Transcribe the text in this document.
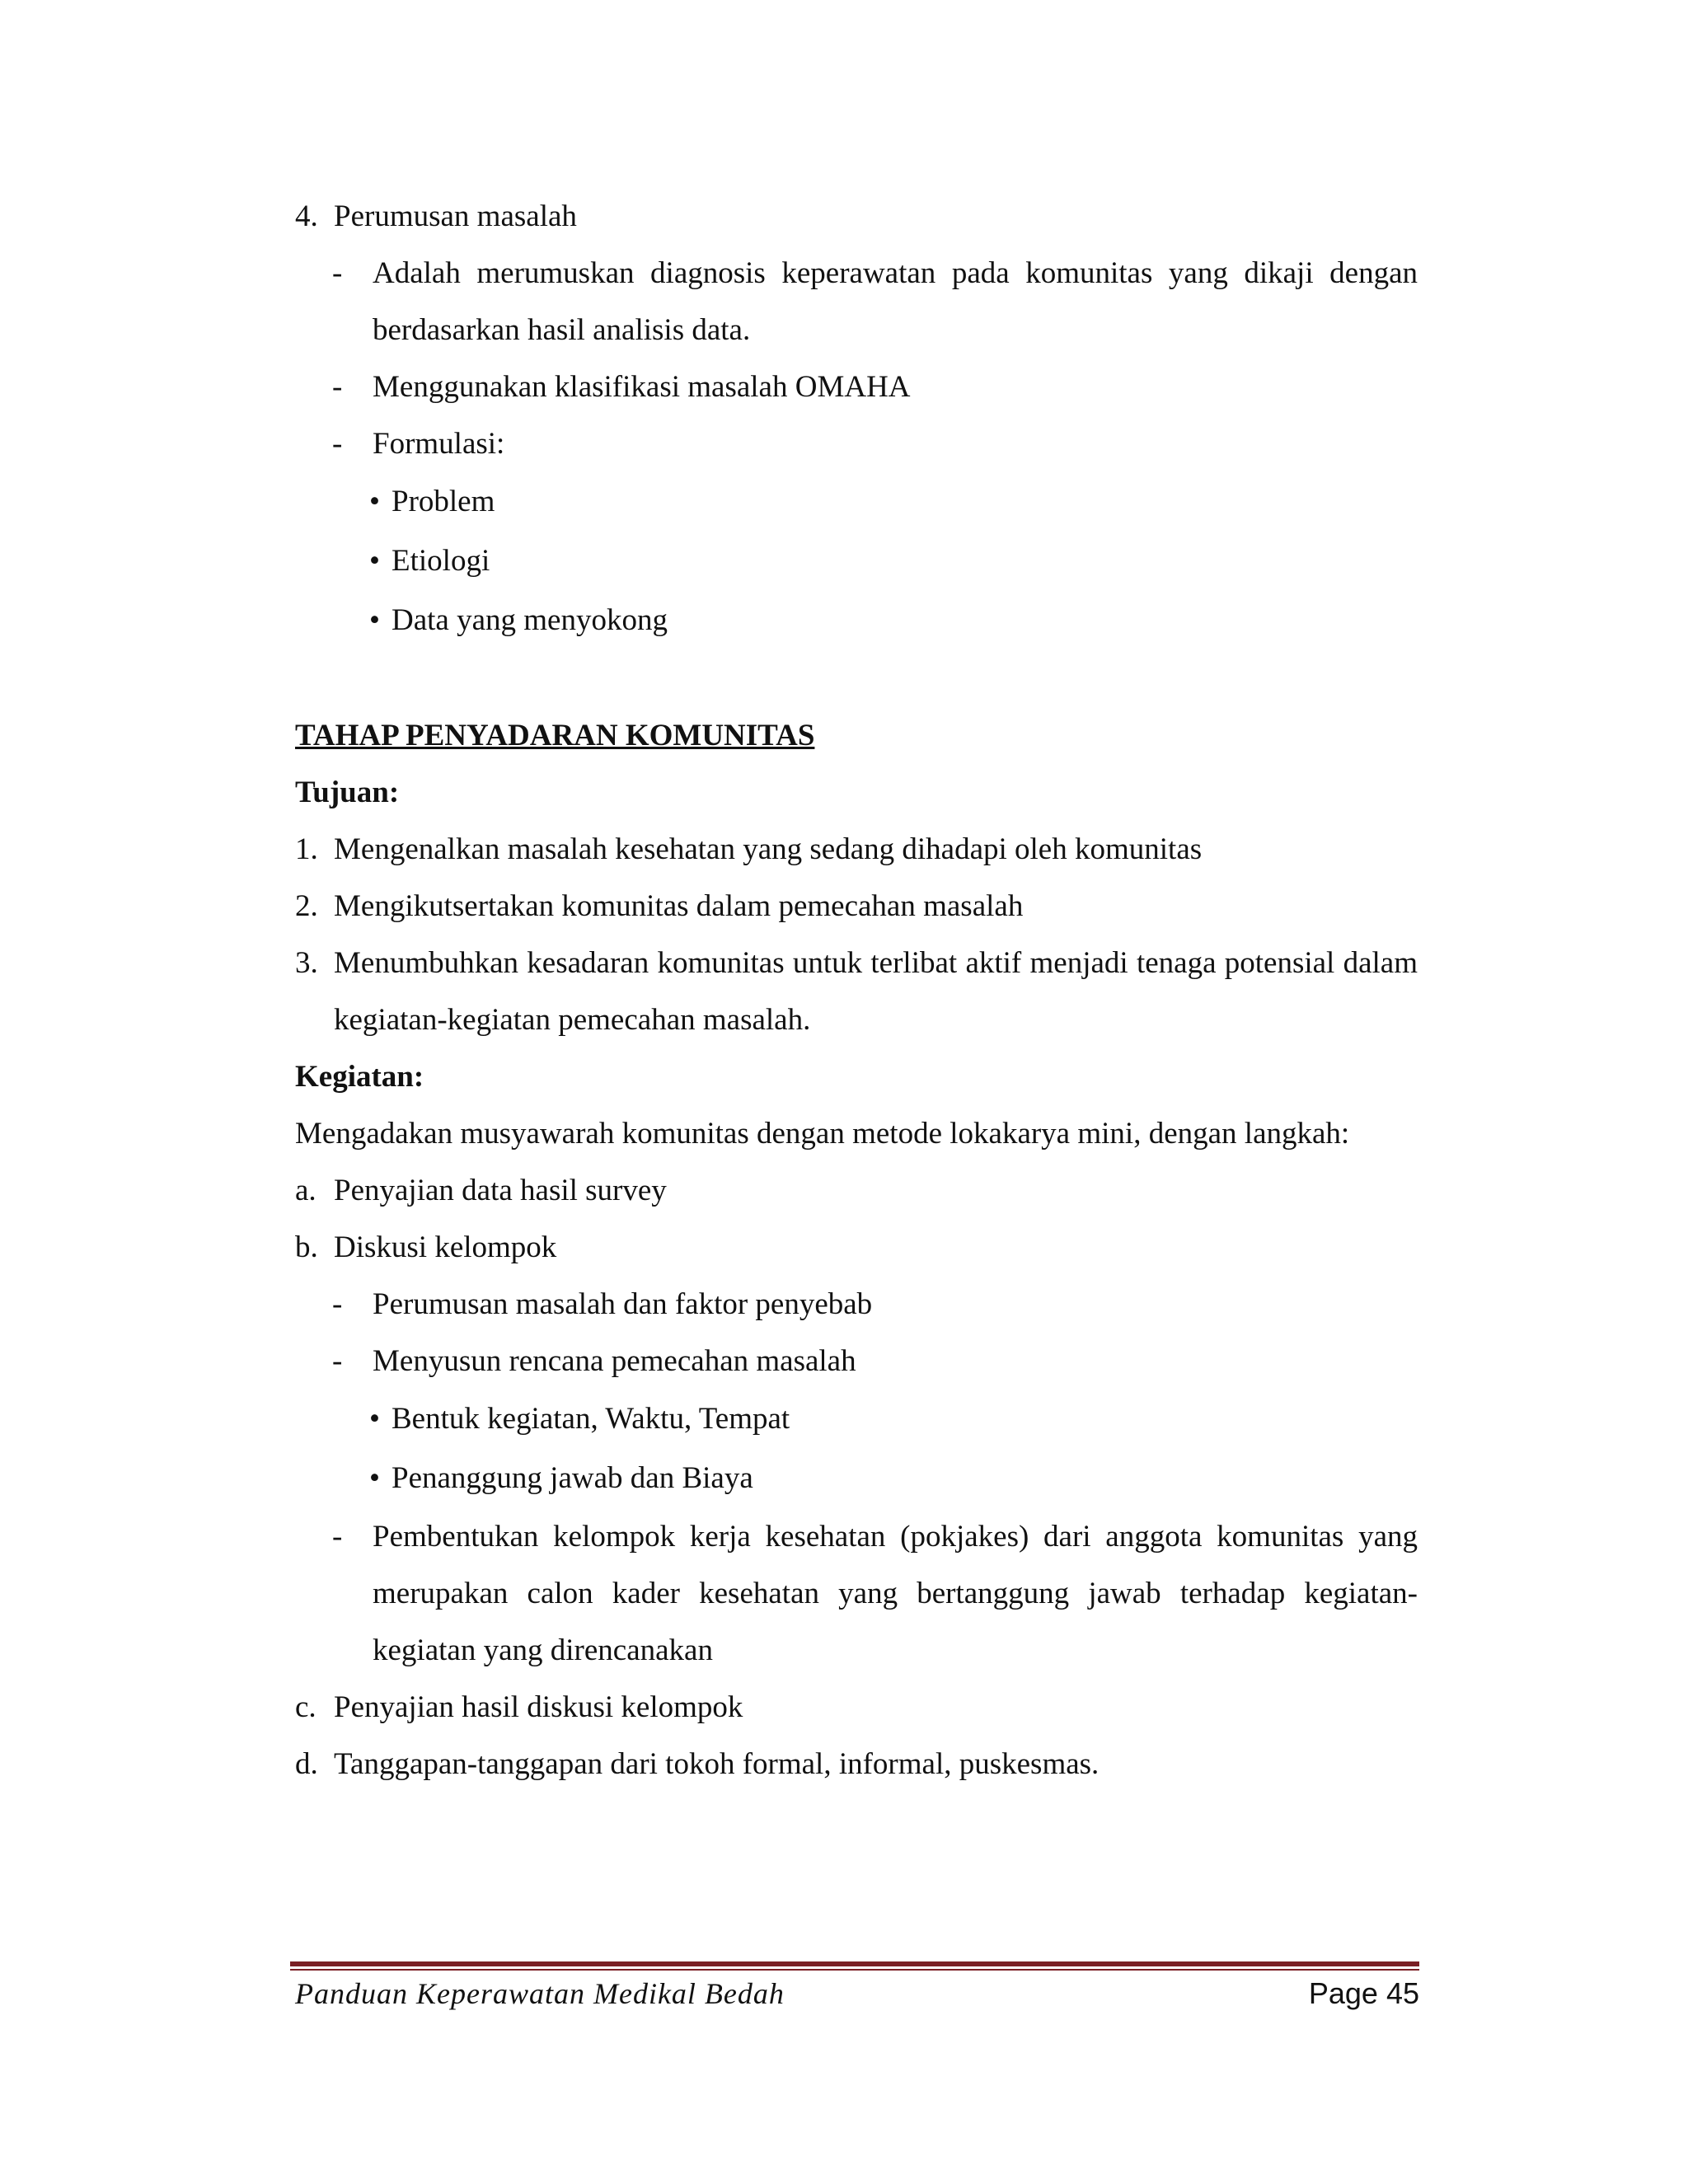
4. Perumusan masalah
- Adalah merumuskan diagnosis keperawatan pada komunitas yang dikaji dengan berdasarkan hasil analisis data.
- Menggunakan klasifikasi masalah OMAHA
- Formulasi:
• Problem
• Etiologi
• Data yang menyokong
TAHAP PENYADARAN KOMUNITAS
Tujuan:
1. Mengenalkan masalah kesehatan yang sedang dihadapi oleh komunitas
2. Mengikutsertakan komunitas dalam pemecahan masalah
3. Menumbuhkan kesadaran komunitas untuk terlibat aktif menjadi tenaga potensial dalam kegiatan-kegiatan pemecahan masalah.
Kegiatan:
Mengadakan musyawarah komunitas dengan metode lokakarya mini, dengan langkah:
a. Penyajian data hasil survey
b. Diskusi kelompok
- Perumusan masalah dan faktor penyebab
- Menyusun rencana pemecahan masalah
• Bentuk kegiatan, Waktu, Tempat
• Penanggung jawab dan Biaya
- Pembentukan kelompok kerja kesehatan (pokjakes) dari anggota komunitas yang merupakan calon kader kesehatan yang bertanggung jawab terhadap kegiatan-kegiatan yang direncanakan
c. Penyajian hasil diskusi kelompok
d. Tanggapan-tanggapan dari tokoh formal, informal, puskesmas.
Panduan Keperawatan Medikal Bedah	Page 45
